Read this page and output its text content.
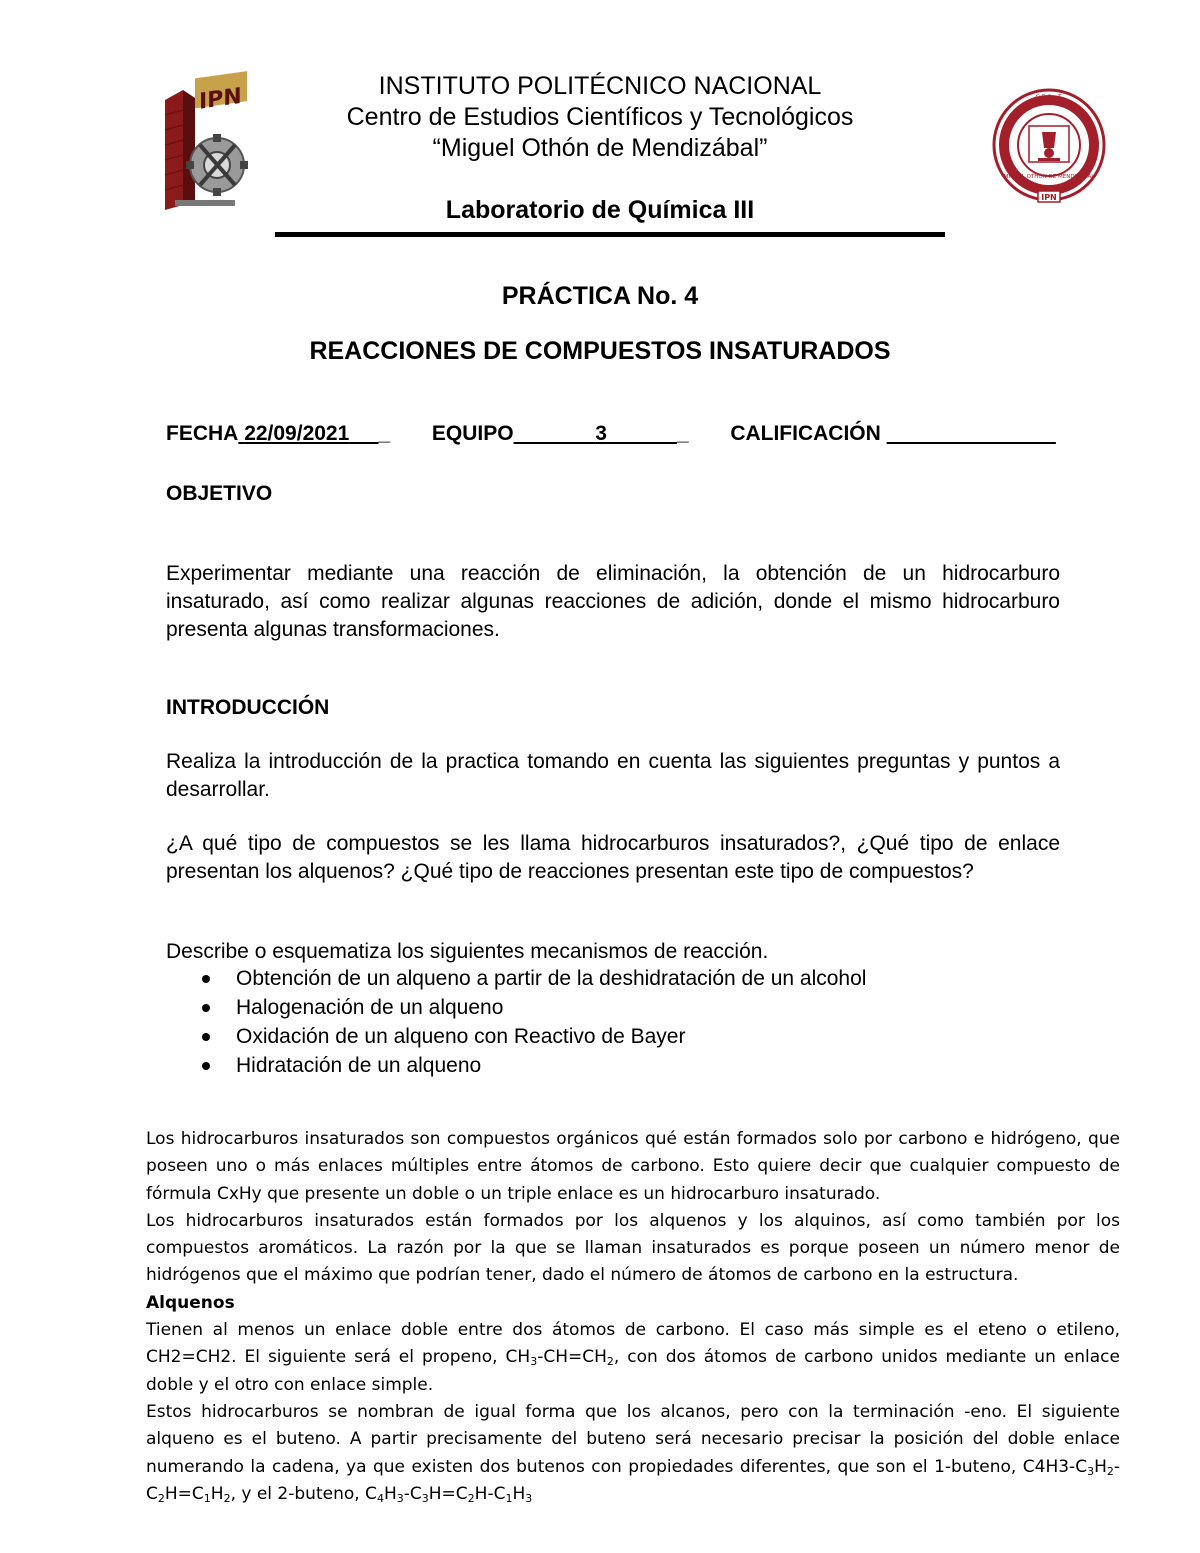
IPN	C.E.C.y.T.
MIGUEL OTHÓN DE MENDIZÁBAL
IPN
INSTITUTO POLITÉCNICO NACIONAL
Centro de Estudios Científicos y Tecnológicos
“Miguel Othón de Mendizábal”
Laboratorio de Química III
PRÁCTICA No. 4
REACCIONES DE COMPUESTOS INSATURADOS
FECHA 22/09/2021 _ EQUIPO	3	_ CALIFICACIÓN
OBJETIVO
Experimentar mediante una reacción de eliminación, la obtención de un hidrocarburo insaturado, así como realizar algunas reacciones de adición, donde el mismo hidrocarburo presenta algunas transformaciones.
INTRODUCCIÓN
Realiza la introducción de la practica tomando en cuenta las siguientes preguntas y puntos a desarrollar.
¿A qué tipo de compuestos se les llama hidrocarburos insaturados?, ¿Qué tipo de enlace presentan los alquenos? ¿Qué tipo de reacciones presentan este tipo de compuestos?
Describe o esquematiza los siguientes mecanismos de reacción.
Obtención de un alqueno a partir de la deshidratación de un alcohol
Halogenación de un alqueno
Oxidación de un alqueno con Reactivo de Bayer
Hidratación de un alqueno

Los hidrocarburos insaturados son compuestos orgánicos qué están formados solo por carbono e hidrógeno, que poseen uno o más enlaces múltiples entre átomos de carbono. Esto quiere decir que cualquier compuesto de fórmula CxHy que presente un doble o un triple enlace es un hidrocarburo insaturado.

Los hidrocarburos insaturados están formados por los alquenos y los alquinos, así como también por los compuestos aromáticos. La razón por la que se llaman insaturados es porque poseen un número menor de hidrógenos que el máximo que podrían tener, dado el número de átomos de carbono en la estructura.

Alquenos

Tienen al menos un enlace doble entre dos átomos de carbono. El caso más simple es el eteno o etileno, CH2=CH2. El siguiente será el propeno, $CH_3-CH=CH_2$, con dos átomos de carbono unidos mediante un enlace doble y el otro con enlace simple.

Estos hidrocarburos se nombran de igual forma que los alcanos, pero con la terminación -eno. El siguiente alqueno es el buteno. A partir precisamente del buteno será necesario precisar la posición del doble enlace numerando la cadena, ya que existen dos butenos con propiedades diferentes, que son el 1-buteno, $C4H3-C_3H_2-C_2H=C_1H_2$, y el 2-buteno, $C_4H_3-C_3H=C_2H-C_1H_3$
